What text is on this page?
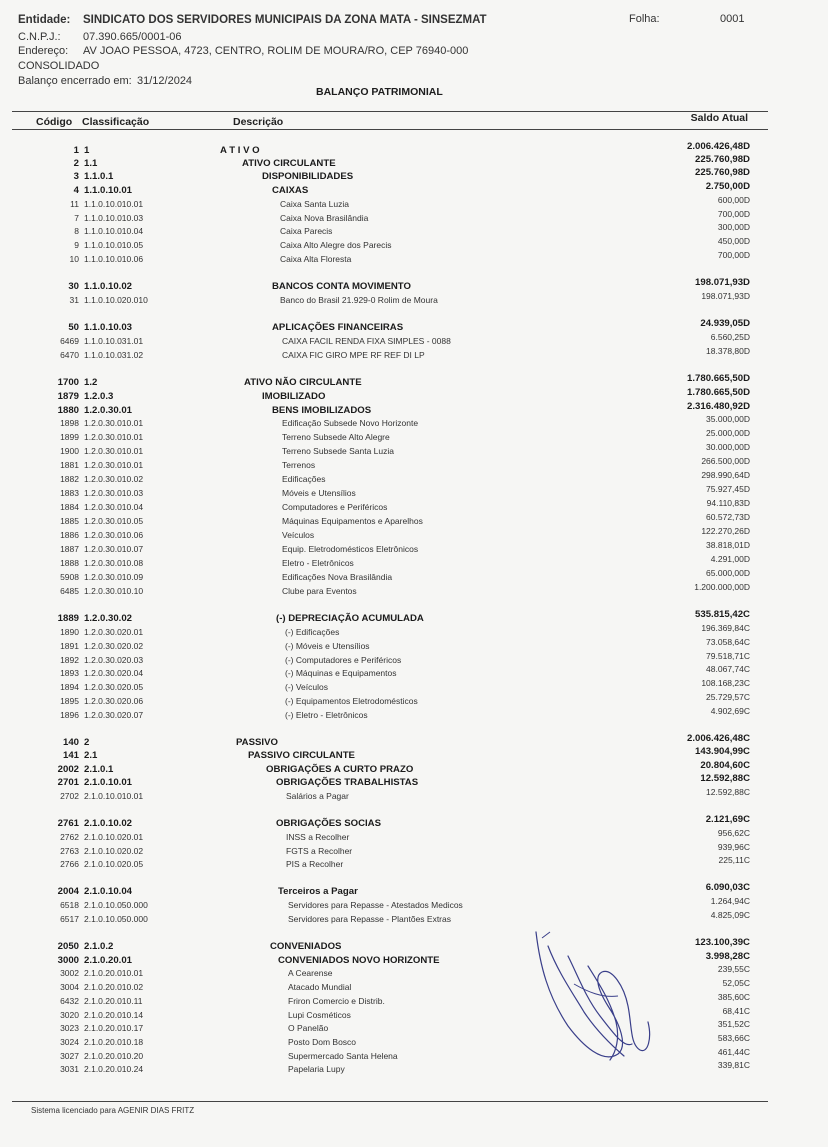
Entidade: SINDICATO DOS SERVIDORES MUNICIPAIS DA ZONA MATA - SINSEZMAT	Folha:	0001
C.N.P.J.: 07.390.665/0001-06
Endereço: AV JOAO PESSOA, 4723, CENTRO, ROLIM DE MOURA/RO, CEP 76940-000
CONSOLIDADO
Balanço encerrado em: 31/12/2024
BALANÇO PATRIMONIAL
Código Classificação	Descrição	Saldo Atual
1 1	A T I V O	2.006.426,48D
2 1.1	ATIVO CIRCULANTE	225.760,98D
3 1.1.0.1	DISPONIBILIDADES	225.760,98D
4 1.1.0.10.01	CAIXAS	2.750,00D
11 1.1.0.10.010.01	Caixa Santa Luzia	600,00D
7 1.1.0.10.010.03	Caixa Nova Brasilândia	700,00D
8 1.1.0.10.010.04	Caixa Parecis	300,00D
9 1.1.0.10.010.05	Caixa Alto Alegre dos Parecis	450,00D
10 1.1.0.10.010.06	Caixa Alta Floresta	700,00D
30 1.1.0.10.02	BANCOS CONTA MOVIMENTO	198.071,93D
31 1.1.0.10.020.010	Banco do Brasil 21.929-0 Rolim de Moura	198.071,93D
50 1.1.0.10.03	APLICAÇÕES FINANCEIRAS	24.939,05D
6469 1.1.0.10.031.01	CAIXA FACIL RENDA FIXA SIMPLES - 0088	6.560,25D
6470 1.1.0.10.031.02	CAIXA FIC GIRO MPE RF REF DI LP	18.378,80D
1700 1.2	ATIVO NÃO CIRCULANTE	1.780.665,50D
1879 1.2.0.3	IMOBILIZADO	1.780.665,50D
1880 1.2.0.30.01	BENS IMOBILIZADOS	2.316.480,92D
1898 1.2.0.30.010.01	Edificação Subsede Novo Horizonte	35.000,00D
1899 1.2.0.30.010.01	Terreno Subsede Alto Alegre	25.000,00D
1900 1.2.0.30.010.01	Terreno Subsede Santa Luzia	30.000,00D
1881 1.2.0.30.010.01	Terrenos	266.500,00D
1882 1.2.0.30.010.02	Edificações	298.990,64D
1883 1.2.0.30.010.03	Móveis e Utensílios	75.927,45D
1884 1.2.0.30.010.04	Computadores e Periféricos	94.110,83D
1885 1.2.0.30.010.05	Máquinas Equipamentos e Aparelhos	60.572,73D
1886 1.2.0.30.010.06	Veículos	122.270,26D
1887 1.2.0.30.010.07	Equip. Eletrodomésticos Eletrônicos	38.818,01D
1888 1.2.0.30.010.08	Eletro - Eletrônicos	4.291,00D
5908 1.2.0.30.010.09	Edificações Nova Brasilândia	65.000,00D
6485 1.2.0.30.010.10	Clube para Eventos	1.200.000,00D
1889 1.2.0.30.02	(-) DEPRECIAÇÃO ACUMULADA	535.815,42C
1890 1.2.0.30.020.01	(-) Edificações	196.369,84C
1891 1.2.0.30.020.02	(-) Móveis e Utensílios	73.058,64C
1892 1.2.0.30.020.03	(-) Computadores e Periféricos	79.518,71C
1893 1.2.0.30.020.04	(-) Máquinas e Equipamentos	48.067,74C
1894 1.2.0.30.020.05	(-) Veículos	108.168,23C
1895 1.2.0.30.020.06	(-) Equipamentos Eletrodomésticos	25.729,57C
1896 1.2.0.30.020.07	(-) Eletro - Eletrônicos	4.902,69C
140 2	PASSIVO	2.006.426,48C
141 2.1	PASSIVO CIRCULANTE	143.904,99C
2002 2.1.0.1	OBRIGAÇÕES A CURTO PRAZO	20.804,60C
2701 2.1.0.10.01	OBRIGAÇÕES TRABALHISTAS	12.592,88C
2702 2.1.0.10.010.01	Salários a Pagar	12.592,88C
2761 2.1.0.10.02	OBRIGAÇÕES SOCIAS	2.121,69C
2762 2.1.0.10.020.01	INSS a Recolher	956,62C
2763 2.1.0.10.020.02	FGTS a Recolher	939,96C
2766 2.1.0.10.020.05	PIS a Recolher	225,11C
2004 2.1.0.10.04	Terceiros a Pagar	6.090,03C
6518 2.1.0.10.050.000	Servidores para Repasse - Atestados Medicos	1.264,94C
6517 2.1.0.10.050.000	Servidores para Repasse - Plantões Extras	4.825,09C
2050 2.1.0.2	CONVENIADOS	123.100,39C
3000 2.1.0.20.01	CONVENIADOS NOVO HORIZONTE	3.998,28C
3002 2.1.0.20.010.01	A Cearense	239,55C
3004 2.1.0.20.010.02	Atacado Mundial	52,05C
6432 2.1.0.20.010.11	Friron Comercio e Distrib.	385,60C
3020 2.1.0.20.010.14	Lupi Cosméticos	68,41C
3023 2.1.0.20.010.17	O Panelão	351,52C
3024 2.1.0.20.010.18	Posto Dom Bosco	583,66C
3027 2.1.0.20.010.20	Supermercado Santa Helena	461,44C
3031 2.1.0.20.010.24	Papelaria Lupy	339,81C
Sistema licenciado para AGENIR DIAS FRITZ
